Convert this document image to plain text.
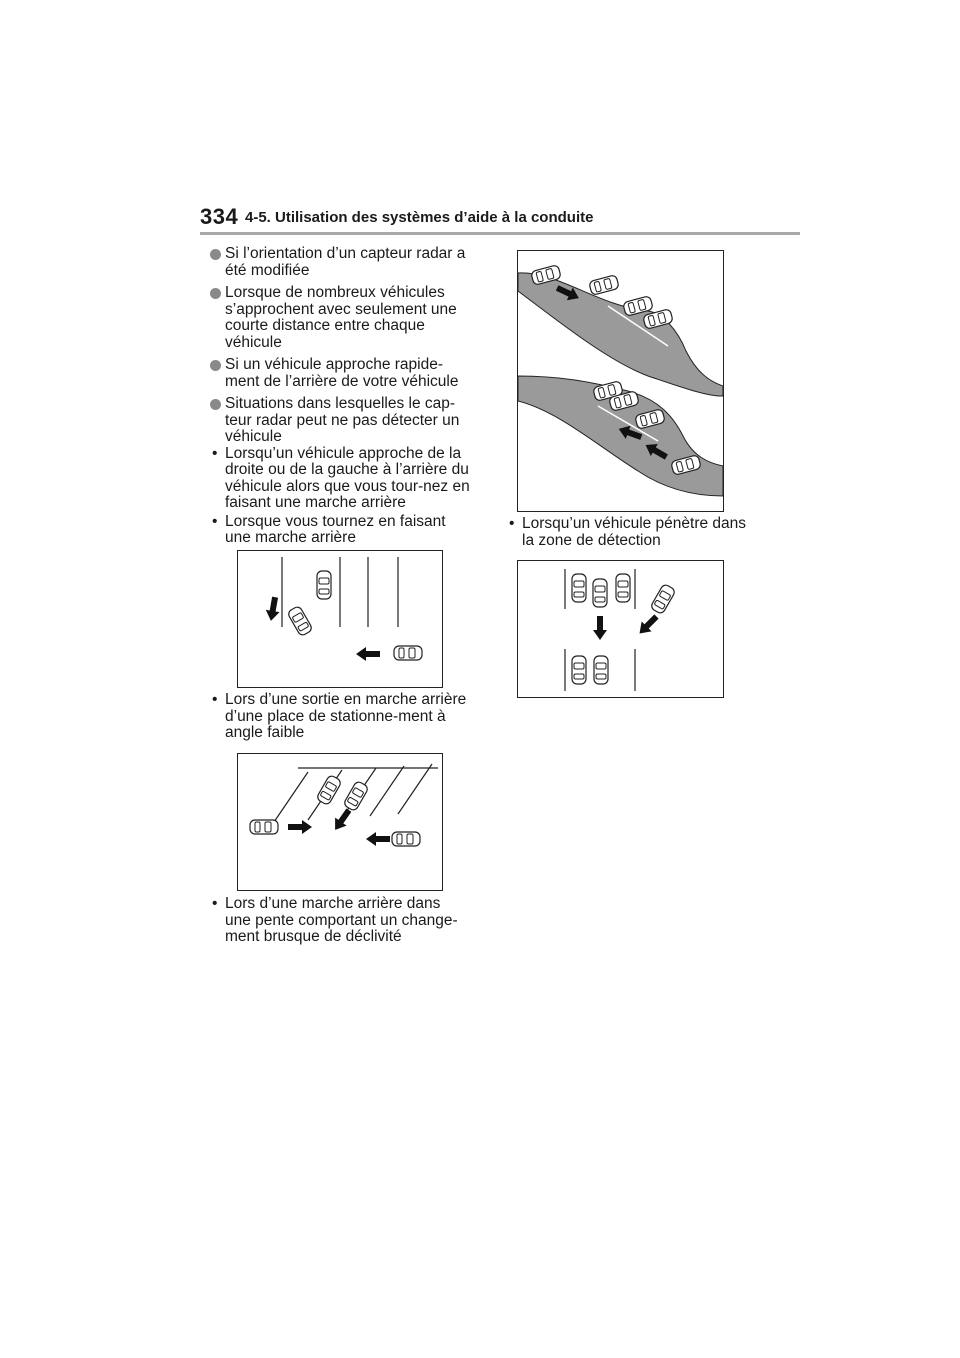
334 4-5. Utilisation des systèmes d’aide à la conduite
Si l’orientation d’un capteur radar a été modifiée
Lorsque de nombreux véhicules s’approchent avec seulement une courte distance entre chaque véhicule
Si un véhicule approche rapide-ment de l’arrière de votre véhicule
Situations dans lesquelles le cap-teur radar peut ne pas détecter un véhicule
• Lorsqu’un véhicule approche de la droite ou de la gauche à l’arrière du véhicule alors que vous tour-nez en faisant une marche arrière
• Lorsque vous tournez en faisant une marche arrière
• Lors d’une sortie en marche arrière d’une place de stationne-ment à angle faible
• Lors d’une marche arrière dans une pente comportant un change-ment brusque de déclivité
• Lorsqu’un véhicule pénètre dans la zone de détection
